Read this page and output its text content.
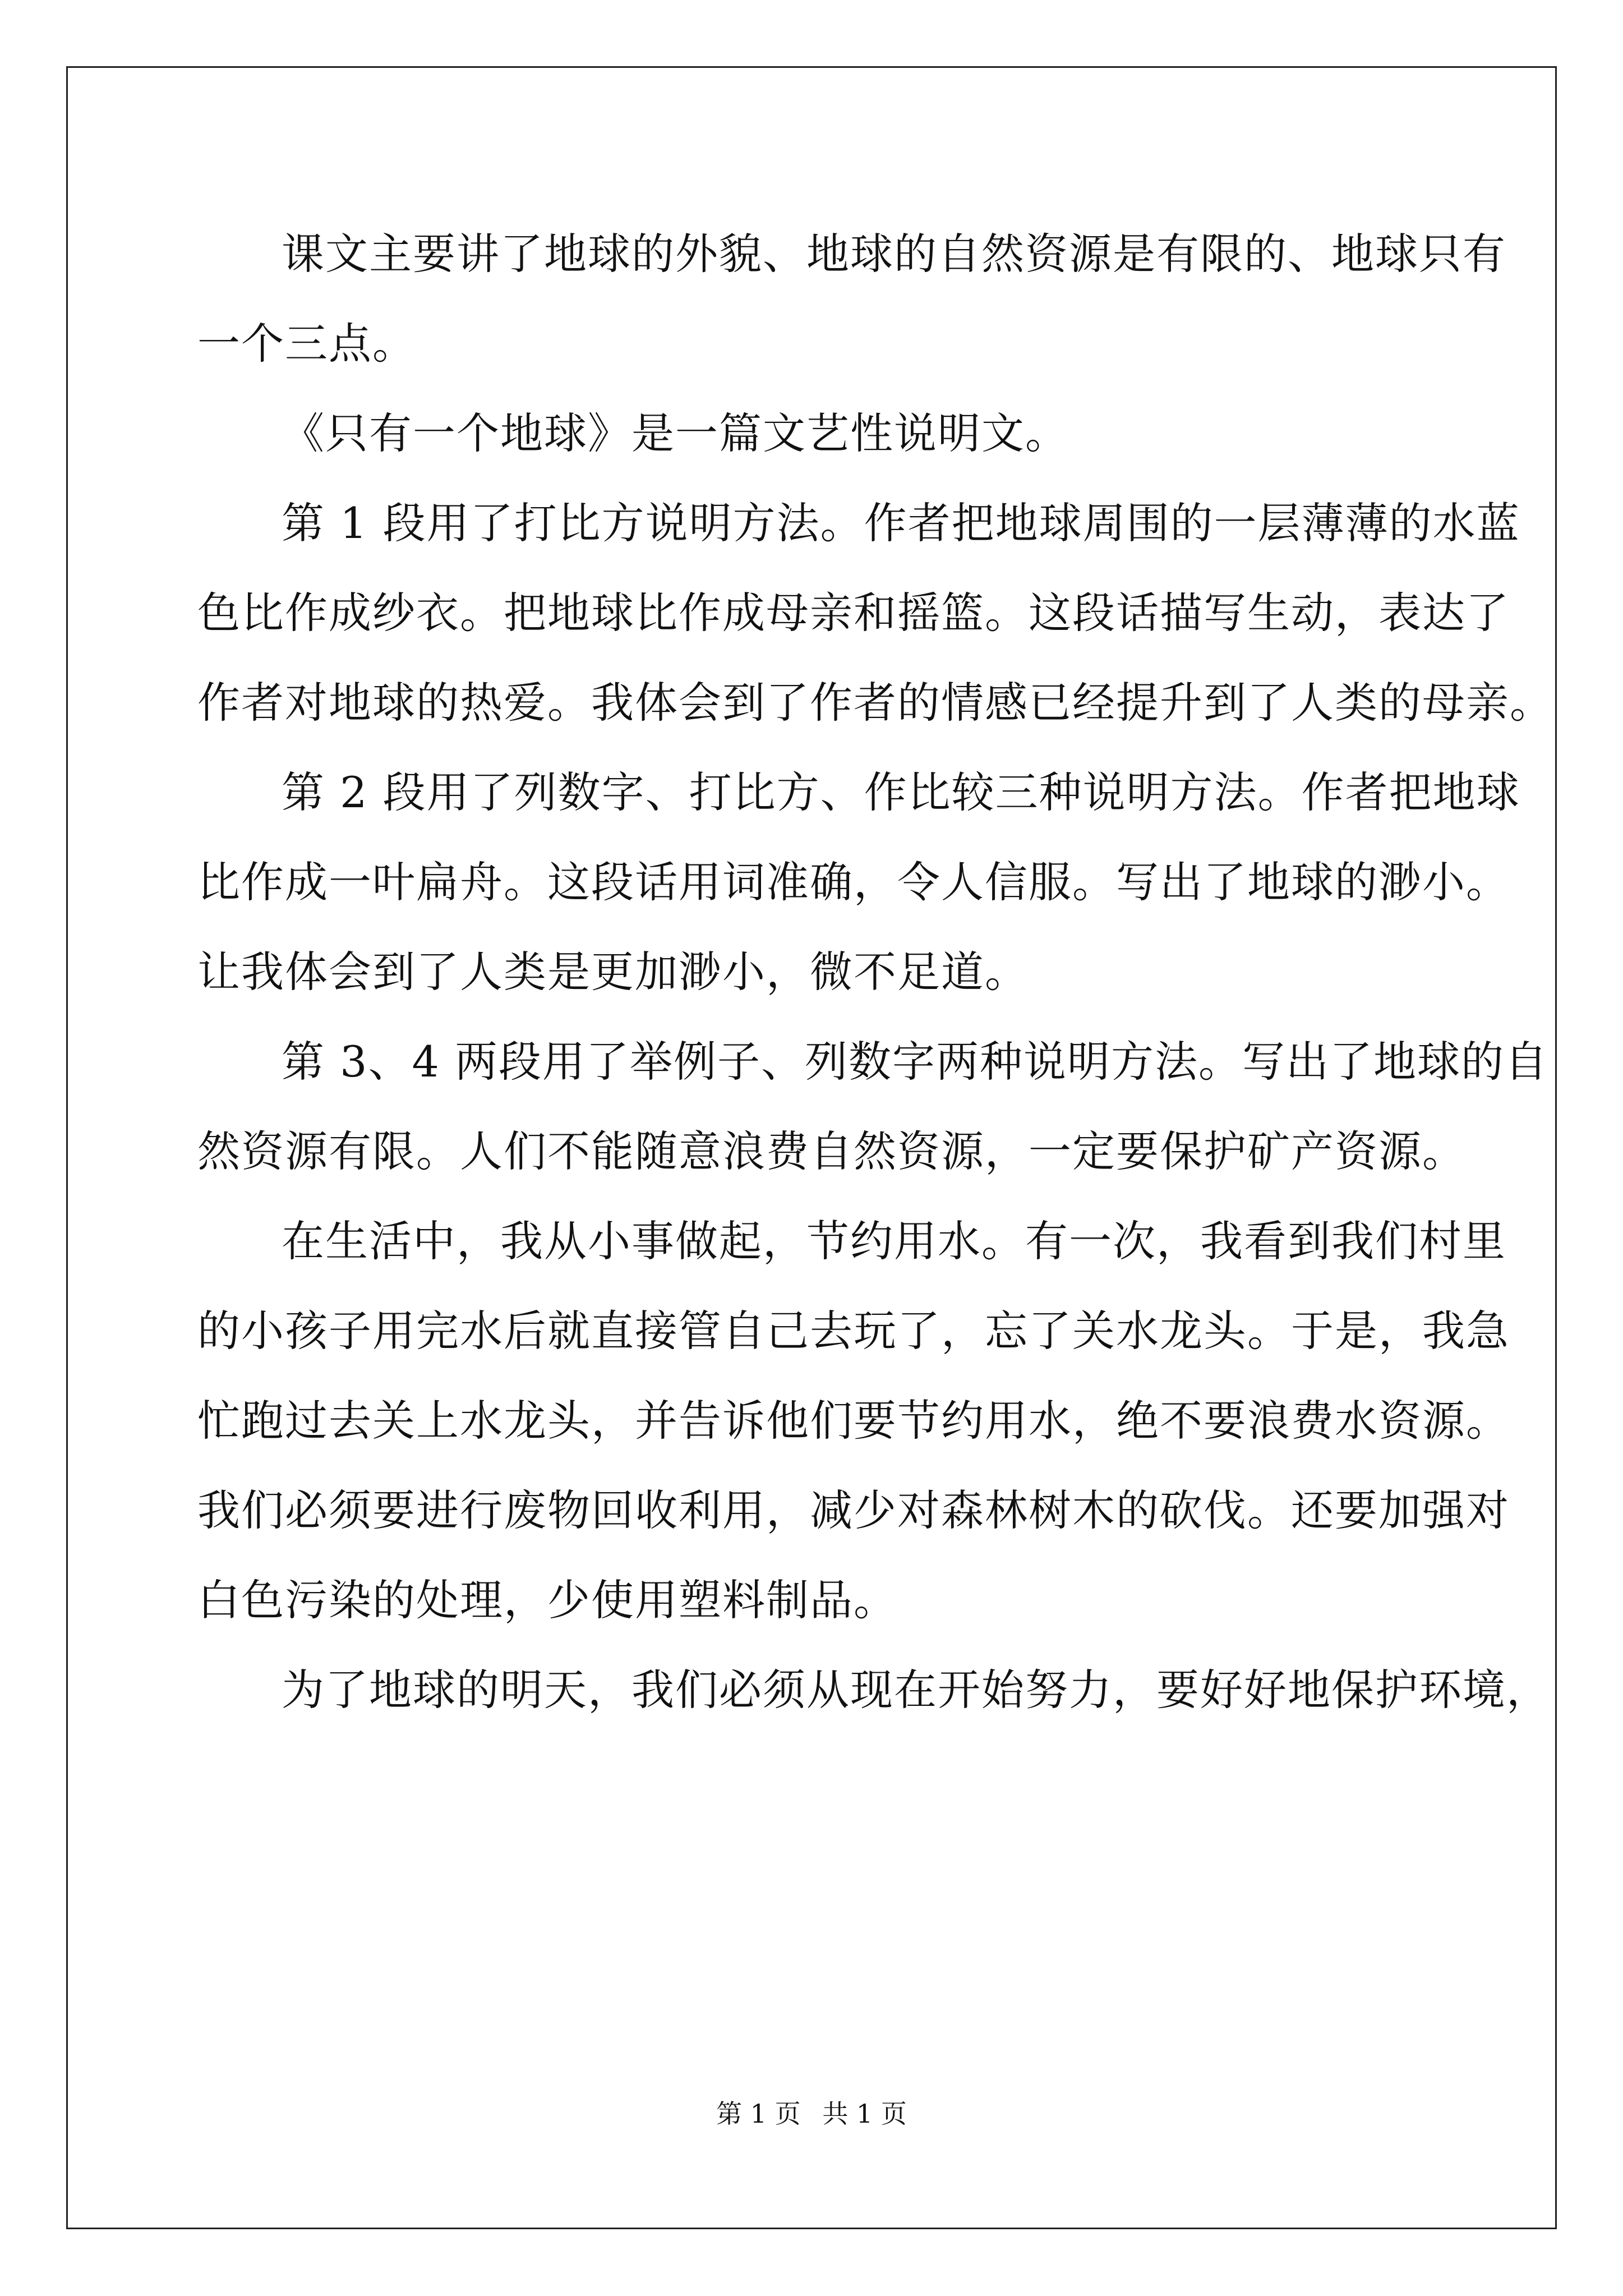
课文主要讲了地球的外貌、地球的自然资源是有限的、地球只有
一个三点。
《只有一个地球》是一篇文艺性说明文。
第 1 段用了打比方说明方法。作者把地球周围的一层薄薄的水蓝
色比作成纱衣。把地球比作成母亲和摇篮。这段话描写生动，表达了
作者对地球的热爱。我体会到了作者的情感已经提升到了人类的母亲。
第 2 段用了列数字、打比方、作比较三种说明方法。作者把地球
比作成一叶扁舟。这段话用词准确，令人信服。写出了地球的渺小。
让我体会到了人类是更加渺小，微不足道。
第 3、4 两段用了举例子、列数字两种说明方法。写出了地球的自
然资源有限。人们不能随意浪费自然资源，一定要保护矿产资源。
在生活中，我从小事做起，节约用水。有一次，我看到我们村里
的小孩子用完水后就直接管自己去玩了，忘了关水龙头。于是，我急
忙跑过去关上水龙头，并告诉他们要节约用水，绝不要浪费水资源。
我们必须要进行废物回收利用，减少对森林树木的砍伐。还要加强对
白色污染的处理，少使用塑料制品。
为了地球的明天，我们必须从现在开始努力，要好好地保护环境，
第 1 页 共 1 页
